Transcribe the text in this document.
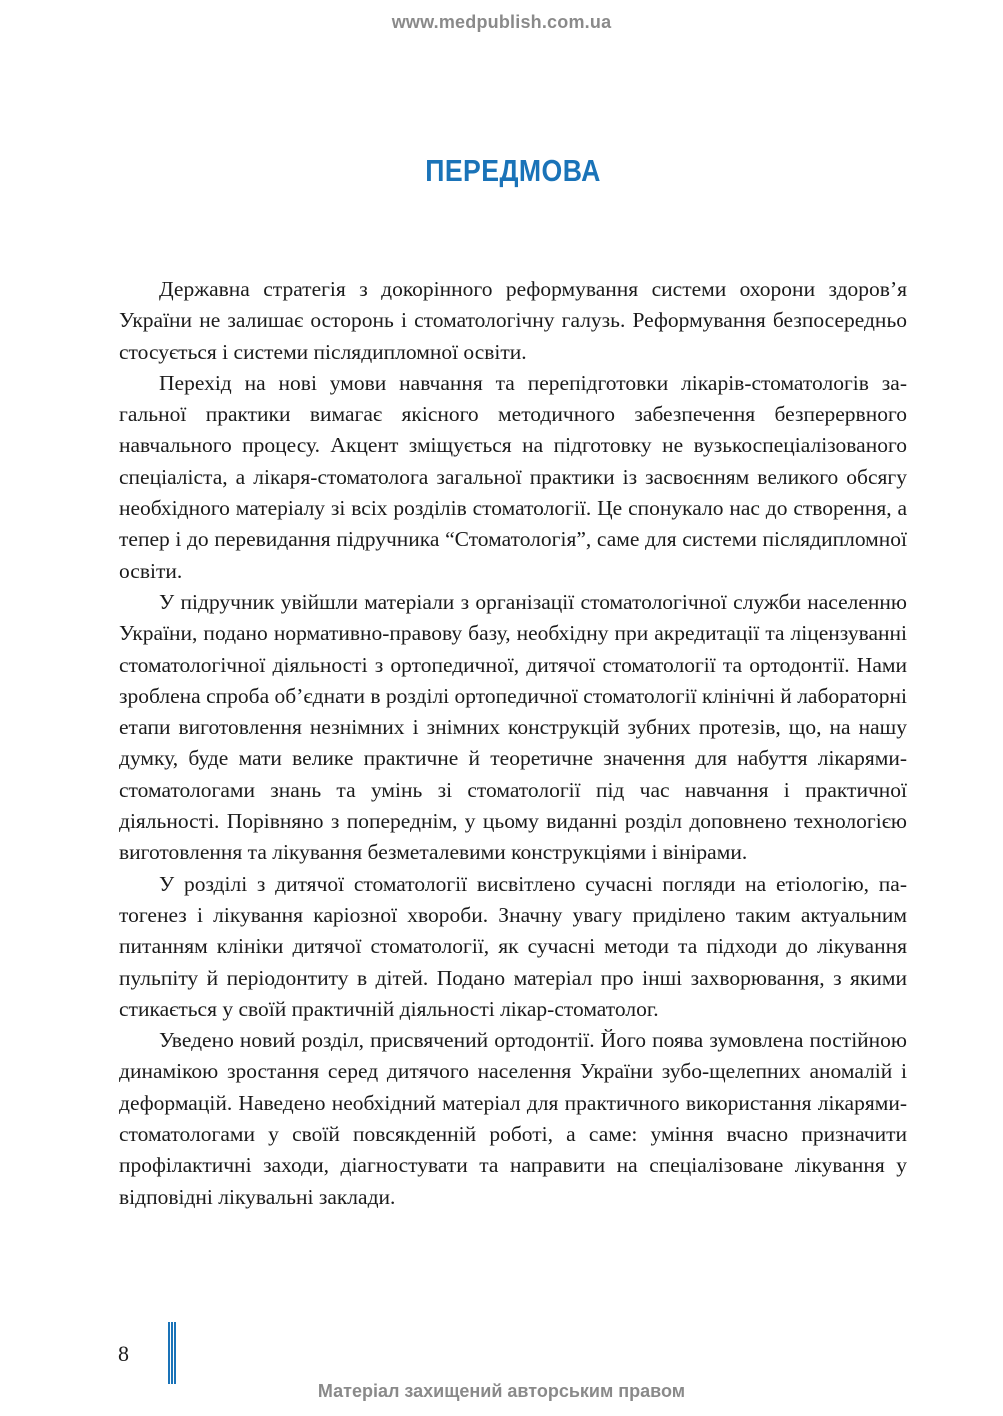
www.medpublish.com.ua
ПЕРЕДМОВА

Державна стратегія з докорінного реформування системи охорони здоров’я України не залишає осторонь і стоматологічну галузь. Реформування безпосередньо стосується і системи післядипломної освіти.

Перехід на нові умови навчання та перепідготовки лікарів-стоматологів загальної практики вимагає якісного методичного забезпечення безперервного навчального процесу. Акцент зміщується на підготовку не вузькоспеціалізованого спеціаліста, а лікаря-стоматолога загальної практики із засвоєнням великого обсягу необхідного матеріалу зі всіх розділів стоматології. Це спонукало нас до створення, а тепер і до перевидання підручника “Стоматологія”, саме для системи післядипломної освіти.

У підручник увійшли матеріали з організації стоматологічної служби населенню України, подано нормативно-правову базу, необхідну при акредитації та ліцензуванні стоматологічної діяльності з ортопедичної, дитячої стоматології та ортодонтії. Нами зроблена спроба об’єднати в розділі ортопедичної стоматології клінічні й лабораторні етапи виготовлення незнімних і знімних конструкцій зубних протезів, що, на нашу думку, буде мати велике практичне й теоретичне значення для набуття лікарями-стоматологами знань та умінь зі стоматології під час навчання і практичної діяльності. Порівняно з попереднім, у цьому виданні розділ доповнено технологією виготовлення та лікування безметалевими конструкціями і вінірами.

У розділі з дитячої стоматології висвітлено сучасні погляди на етіологію, патогенез і лікування каріозної хвороби. Значну увагу приділено таким актуальним питанням клініки дитячої стоматології, як сучасні методи та підходи до лікування пульпіту й періодонтиту в дітей. Подано матеріал про інші захворювання, з якими стикається у своїй практичній діяльності лікар-стоматолог.

Уведено новий розділ, присвячений ортодонтії. Його поява зумовлена постійною динамікою зростання серед дитячого населення України зубо-щелепних аномалій і деформацій. Наведено необхідний матеріал для практичного використання лікарями-стоматологами у своїй повсякденній роботі, а саме: уміння вчасно призначити профілактичні заходи, діагностувати та направити на спеціалізоване лікування у відповідні лікувальні заклади.

8
Матеріал захищений авторським правом
